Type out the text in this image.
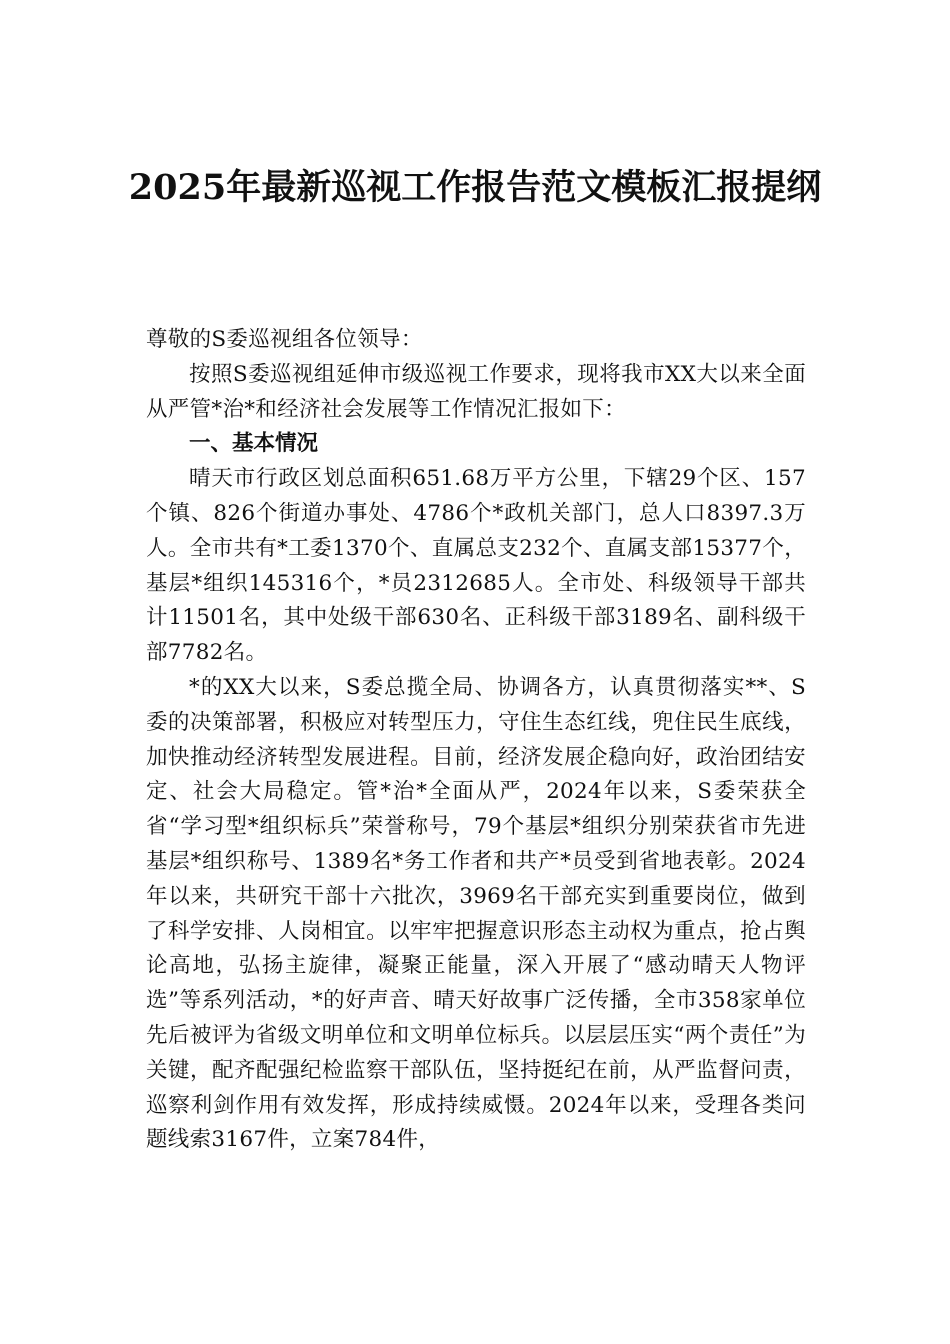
2025年最新巡视工作报告范文模板汇报提纲

尊敬的S委巡视组各位领导：

按照S委巡视组延伸市级巡视工作要求，现将我市XX大以来全面从严管*治*和经济社会发展等工作情况汇报如下：

一、基本情况

晴天市行政区划总面积651.68万平方公里，下辖29个区、157个镇、826个街道办事处、4786个*政机关部门，总人口8397.3万人。全市共有*工委1370个、直属总支232个、直属支部15377个，基层*组织145316个，*员2312685人。全市处、科级领导干部共计11501名，其中处级干部630名、正科级干部3189名、副科级干部7782名。

*的XX大以来，S委总揽全局、协调各方，认真贯彻落实**、S委的决策部署，积极应对转型压力，守住生态红线，兜住民生底线，加快推动经济转型发展进程。目前，经济发展企稳向好，政治团结安定、社会大局稳定。管*治*全面从严，2024年以来，S委荣获全省“学习型*组织标兵”荣誉称号，79个基层*组织分别荣获省市先进基层*组织称号、1389名*务工作者和共产*员受到省地表彰。2024年以来，共研究干部十六批次，3969名干部充实到重要岗位，做到了科学安排、人岗相宜。以牢牢把握意识形态主动权为重点，抢占舆论高地，弘扬主旋律，凝聚正能量，深入开展了“感动晴天人物评选”等系列活动，*的好声音、晴天好故事广泛传播，全市358家单位先后被评为省级文明单位和文明单位标兵。以层层压实“两个责任”为关键，配齐配强纪检监察干部队伍，坚持挺纪在前，从严监督问责，巡察利剑作用有效发挥，形成持续威慑。2024年以来，受理各类问题线索3167件，立案784件，
